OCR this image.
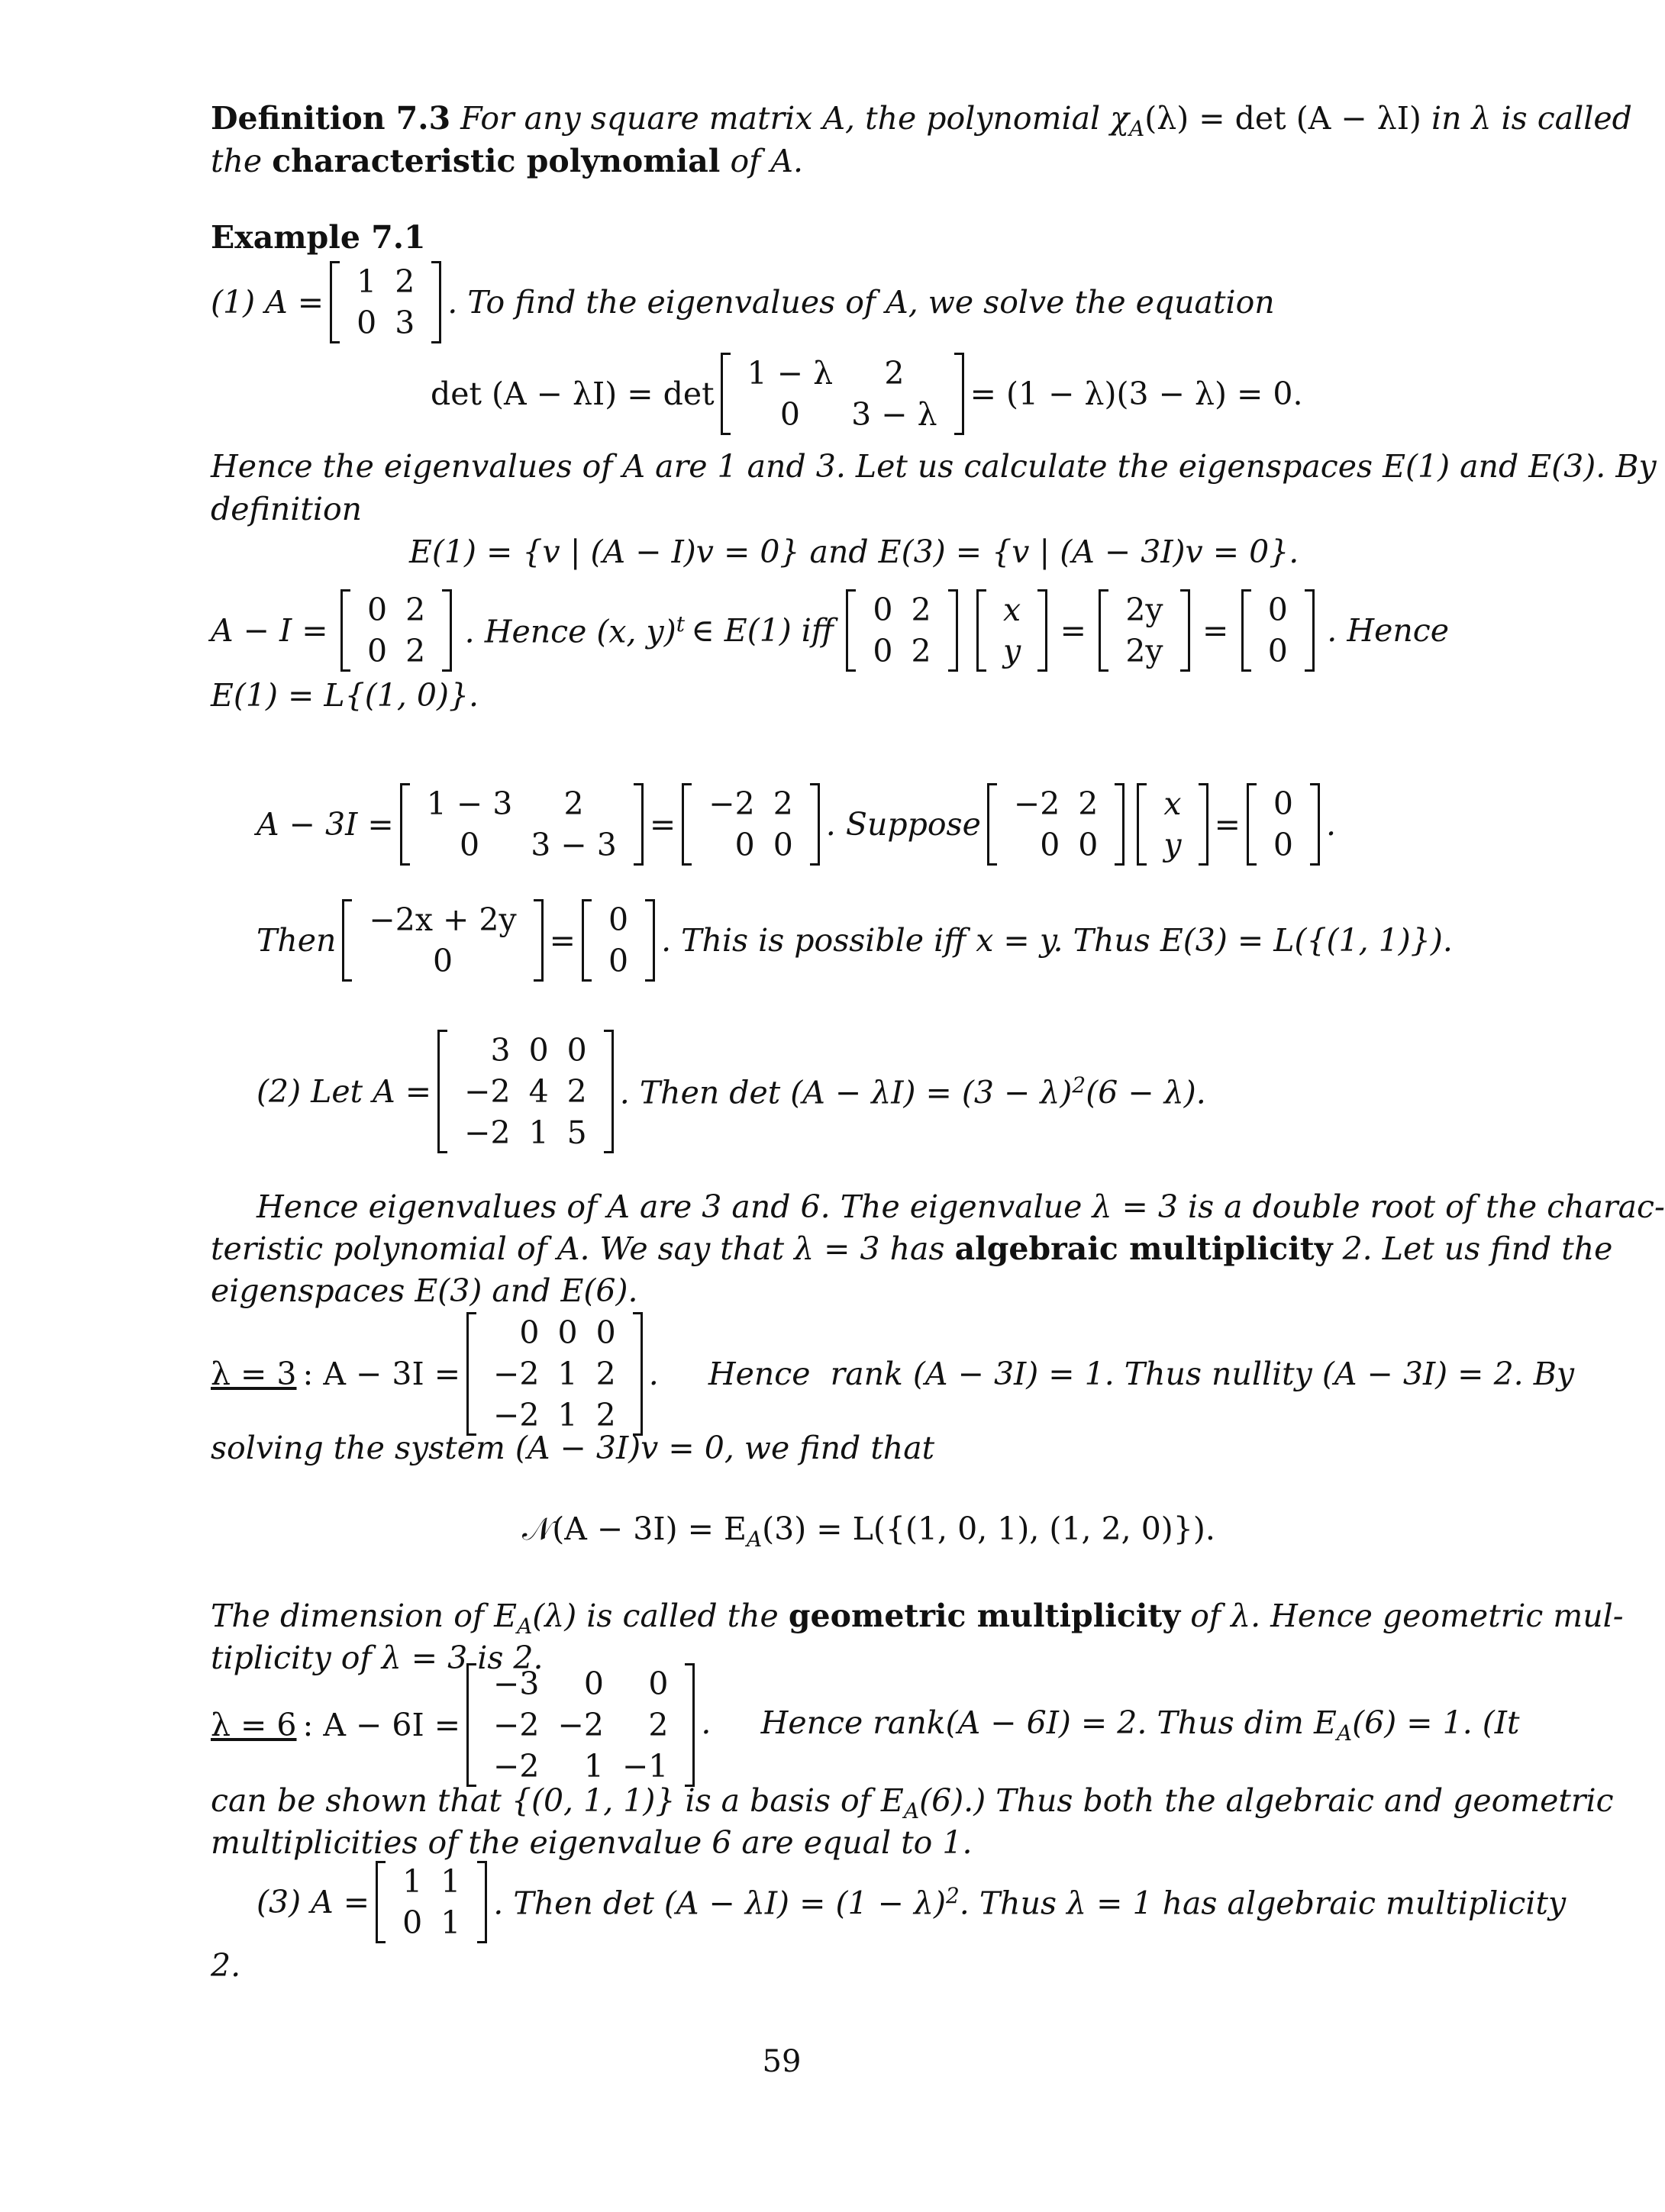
Definition 7.3 For any square matrix A, the polynomial $\chi_A(\lambda) = \det (A - \lambda I)$ in λ is called
the characteristic polynomial of A.
Example 7.1
(1) A =
1 2
0 3
. To find the eigenvalues of A, we solve the equation
det (A − λI) = det
1 − λ	2
0	3 − λ
= (1 − λ)(3 − λ) = 0.
Hence the eigenvalues of A are 1 and 3. Let us calculate the eigenspaces E(1) and E(3). By
definition
E(1) = {v | (A − I)v = 0} and E(3) = {v | (A − 3I)v = 0}.
A − I =
0 2
0 2
. Hence (x, y)$^t$ ∈ E(1) iff
0 2
0 2
x
y
=
2y
2y
=
0
0
. Hence
E(1) = L{(1, 0)}.
A − 3I =
1 − 3	2
0	3 − 3
=
−2 2
0 0
. Suppose
−2 2
0 0
x
y
=
0
0
.
Then
−2x + 2y
0
=
0
0
. This is possible iff x = y. Thus E(3) = L({(1, 1)}).
(2) Let A =
3 0 0
−2 4 2
−2 1 5
. Then $\det (A - \lambda I) = (3 - \lambda)^2(6 - \lambda)$.
Hence eigenvalues of A are 3 and 6. The eigenvalue λ = 3 is a double root of the charac-
teristic polynomial of A. We say that λ = 3 has algebraic multiplicity 2. Let us find the
eigenspaces E(3) and E(6).
λ = 3 : A − 3I =
0 0 0
−2 1 2
−2 1 2
.     Hence  rank (A − 3I) = 1. Thus nullity (A − 3I) = 2. By
solving the system (A − 3I)v = 0, we find that
𝒩(A − $3I) = E_A(3) = L(\{(1$, 0, 1), (1, 2, 0)}).
The dimension of $E_A(\lambda)$ is called the geometric multiplicity of λ. Hence geometric mul-
tiplicity of λ = 3 is 2.
λ = 6 : A − 6I =
−3	0	0
−2 −2	2
−2	1 −1
.     Hence rank(A − 6I) = 2. Thus dim $E_A(6) = 1$. (It
can be shown that {(0, 1, 1)} is a basis of $E_A(6)$.) Thus both the algebraic and geometric
multiplicities of the eigenvalue 6 are equal to 1.
(3) A =
1 1
0 1
. Then $\det (A - \lambda I) = (1 - \lambda)^2$. Thus λ = 1 has algebraic multiplicity
2.
59
